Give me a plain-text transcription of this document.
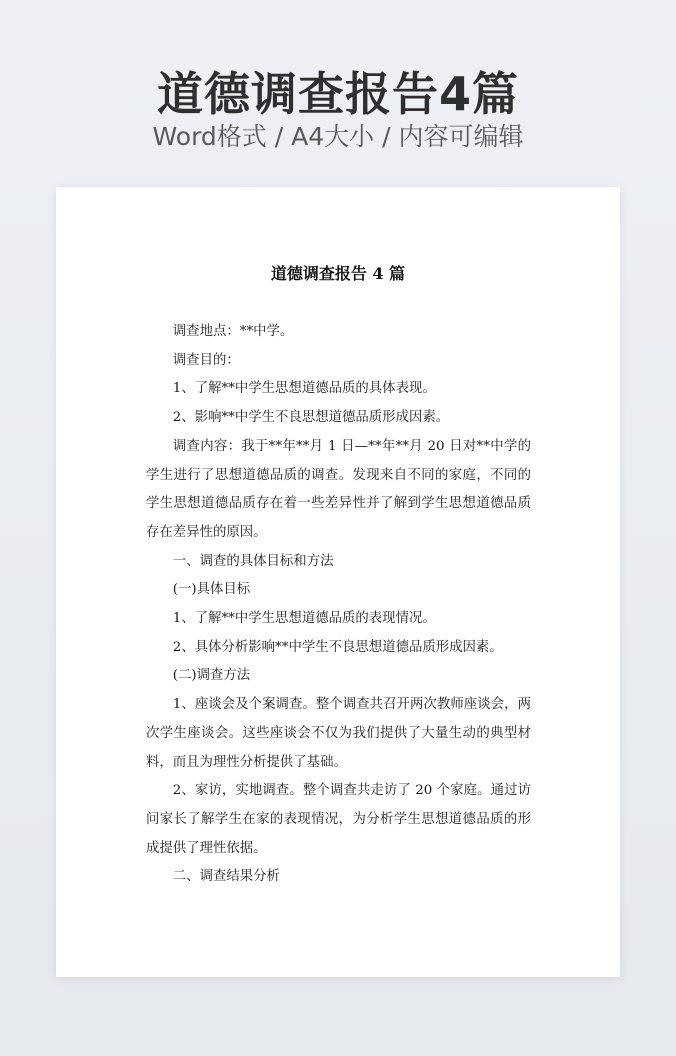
道德调查报告4篇
Word格式 / A4大小 / 内容可编辑
道德调查报告 4 篇

调查地点：**中学。

调查目的：

1、了解**中学生思想道德品质的具体表现。

2、影响**中学生不良思想道德品质形成因素。

调查内容：我于**年**月 1 日—**年**月 20 日对**中学的学生进行了思想道德品质的调查。发现来自不同的家庭，不同的学生思想道德品质存在着一些差异性并了解到学生思想道德品质存在差异性的原因。

一、调查的具体目标和方法

(一)具体目标

1、了解**中学生思想道德品质的表现情况。

2、具体分析影响**中学生不良思想道德品质形成因素。

(二)调查方法

1、座谈会及个案调查。整个调查共召开两次教师座谈会，两次学生座谈会。这些座谈会不仅为我们提供了大量生动的典型材料，而且为理性分析提供了基础。

2、家访，实地调查。整个调查共走访了 20 个家庭。通过访问家长了解学生在家的表现情况，为分析学生思想道德品质的形成提供了理性依据。

二、调查结果分析
